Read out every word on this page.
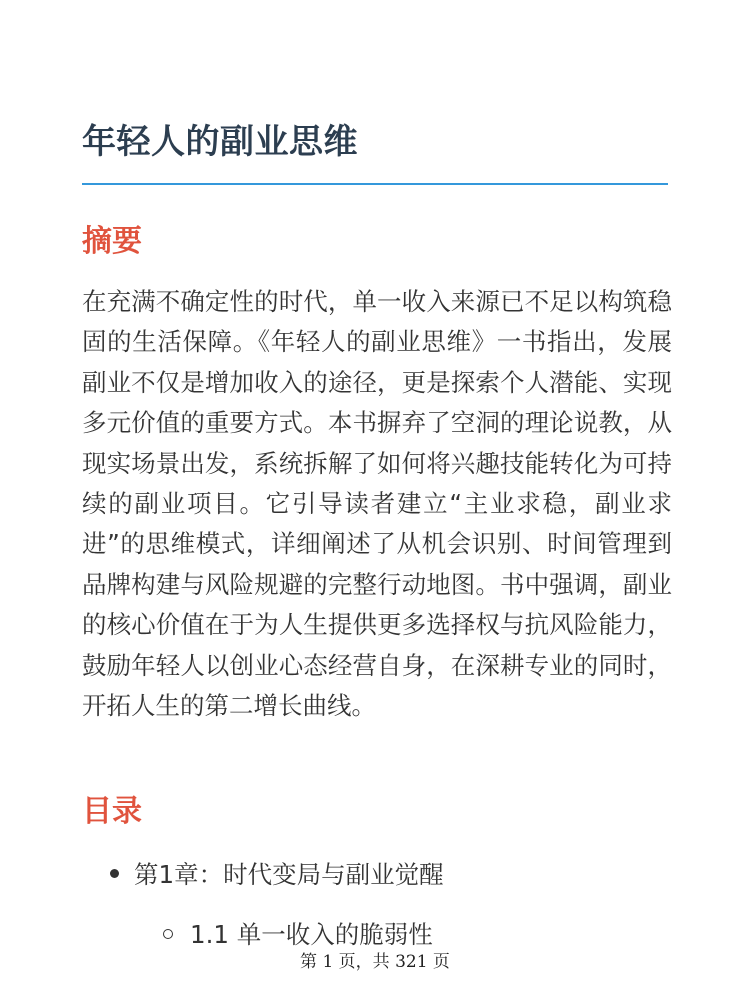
年轻人的副业思维
摘要

在充满不确定性的时代，单一收入来源已不足以构筑稳固的生活保障。《年轻人的副业思维》一书指出，发展副业不仅是增加收入的途径，更是探索个人潜能、实现多元价值的重要方式。本书摒弃了空洞的理论说教，从现实场景出发，系统拆解了如何将兴趣技能转化为可持续的副业项目。它引导读者建立“主业求稳，副业求进”的思维模式，详细阐述了从机会识别、时间管理到品牌构建与风险规避的完整行动地图。书中强调，副业的核心价值在于为人生提供更多选择权与抗风险能力，鼓励年轻人以创业心态经营自身，在深耕专业的同时，开拓人生的第二增长曲线。

目录
第1章：时代变局与副业觉醒
1.1 单一收入的脆弱性
第 1 页，共 321 页
